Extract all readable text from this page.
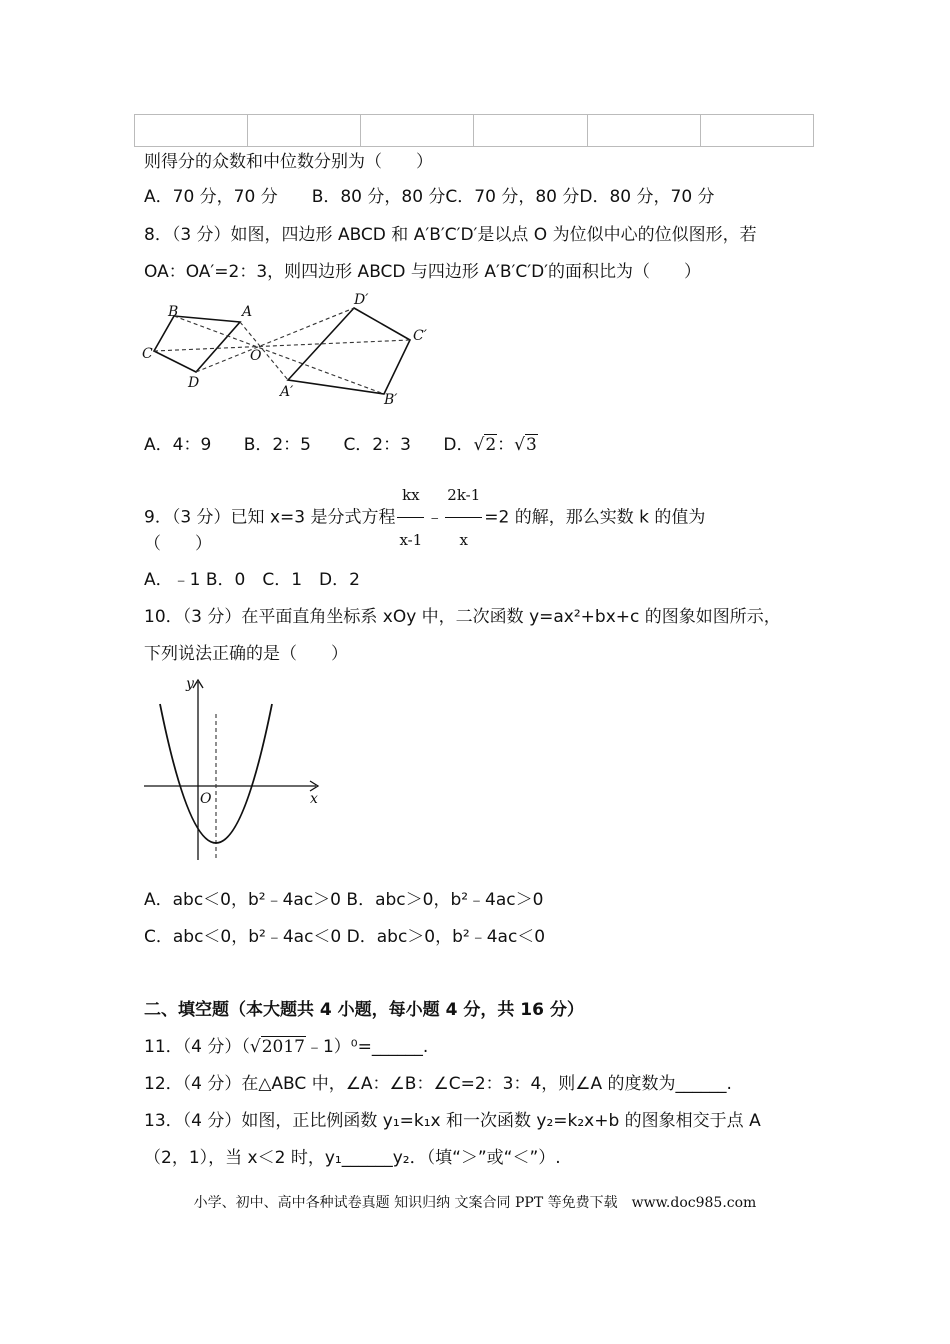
则得分的众数和中位数分别为（　　）
A．70 分，70 分　　B．80 分，80 分C．70 分，80 分D．80 分，70 分
8．（3 分）如图，四边形 ABCD 和 A′B′C′D′是以点 O 为位似中心的位似图形，若
OA：OA′=2：3，则四边形 ABCD 与四边形 A′B′C′D′的面积比为（　　）
B	A
C	O
D
D′
C′
A′	B′
A．4：9 B．2：5 C．2：3 D．√2：√3
9．（3 分）已知 x=3 是分式方程 $\frac{kx}{x-1}$ ﹣ $\frac{2k-1}{x} =2$ 的解，那么实数 k 的值为
（　　）
A．﹣1 B．0　C．1　D．2
10．（3 分）在平面直角坐标系 xOy 中，二次函数 y=ax²+bx+c 的图象如图所示，
下列说法正确的是（　　）
y
x
O
A．abc＜0，b²﹣4ac＞0 B．abc＞0，b²﹣4ac＞0
C．abc＜0，b²﹣4ac＜0 D．abc＞0，b²﹣4ac＜0
二、填空题（本大题共 4 小题，每小题 4 分，共 16 分）
11．（4 分）（√2017﹣1）⁰=______.
12．（4 分）在△ABC 中，∠A：∠B：∠C=2：3：4，则∠A 的度数为______.
13．（4 分）如图，正比例函数 y₁=k₁x 和一次函数 y₂=k₂x+b 的图象相交于点 A
（2，1），当 x＜2 时，y₁______y₂．（填“＞”或“＜”）.
小学、初中、高中各种试卷真题 知识归纳 文案合同 PPT 等免费下载　www.doc985.com
